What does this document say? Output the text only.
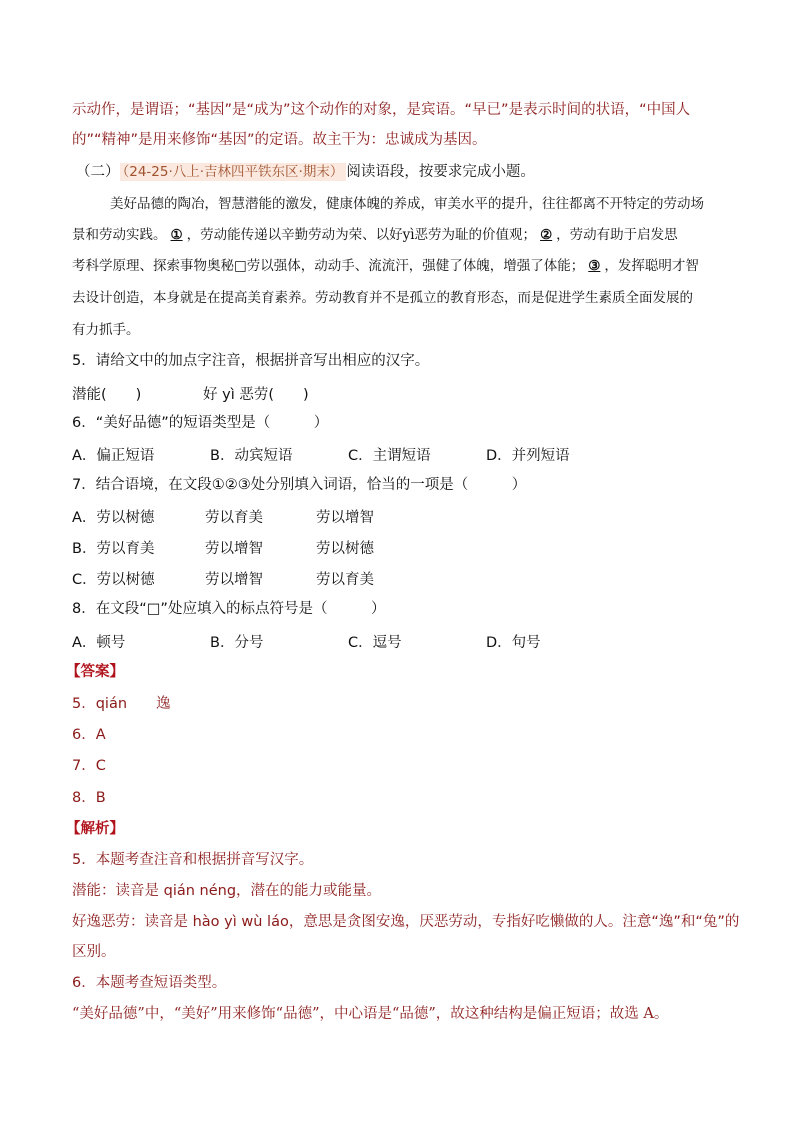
示动作，是谓语；“基因”是“成为”这个动作的对象，是宾语。“早已”是表示时间的状语，“中国人
的”“精神”是用来修饰“基因”的定语。故主干为：忠诚成为基因。
（二） （24-25·八上·吉林四平铁东区·期末） 阅读语段，按要求完成小题。
美好品德的陶冶，智慧潜能的激发，健康体魄的养成，审美水平的提升，往往都离不开特定的劳动场
景和劳动实践。 ① ，劳动能传递以辛勤劳动为荣、以好yì恶劳为耻的价值观； ② ，劳动有助于启发思
考科学原理、探索事物奥秘□劳以强体，动动手、流流汗，强健了体魄，增强了体能； ③ ，发挥聪明才智
去设计创造，本身就是在提高美育素养。劳动教育并不是孤立的教育形态，而是促进学生素质全面发展的
有力抓手。
5．请给文中的加点字注音，根据拼音写出相应的汉字。
潜能(　　)	好 yì 恶劳(　　)
6．“美好品德”的短语类型是（　　　）
A．偏正短语	B．动宾短语	C．主谓短语	D．并列短语
7．结合语境，在文段①②③处分别填入词语，恰当的一项是（　　　）
A．劳以树德	劳以育美	劳以增智
B．劳以育美	劳以增智	劳以树德
C．劳以树德	劳以增智	劳以育美
8．在文段“□”处应填入的标点符号是（　　　）
A．顿号	B．分号	C．逗号	D．句号
【答案】
5．qián　　逸
6．A
7．C
8．B
【解析】
5．本题考查注音和根据拼音写汉字。
潜能：读音是 qián néng，潜在的能力或能量。
好逸恶劳：读音是 hào yì wù láo，意思是贪图安逸，厌恶劳动，专指好吃懒做的人。注意“逸”和“兔”的
区别。
6．本题考查短语类型。
“美好品德”中，“美好”用来修饰“品德”，中心语是“品德”，故这种结构是偏正短语；故选 A。
